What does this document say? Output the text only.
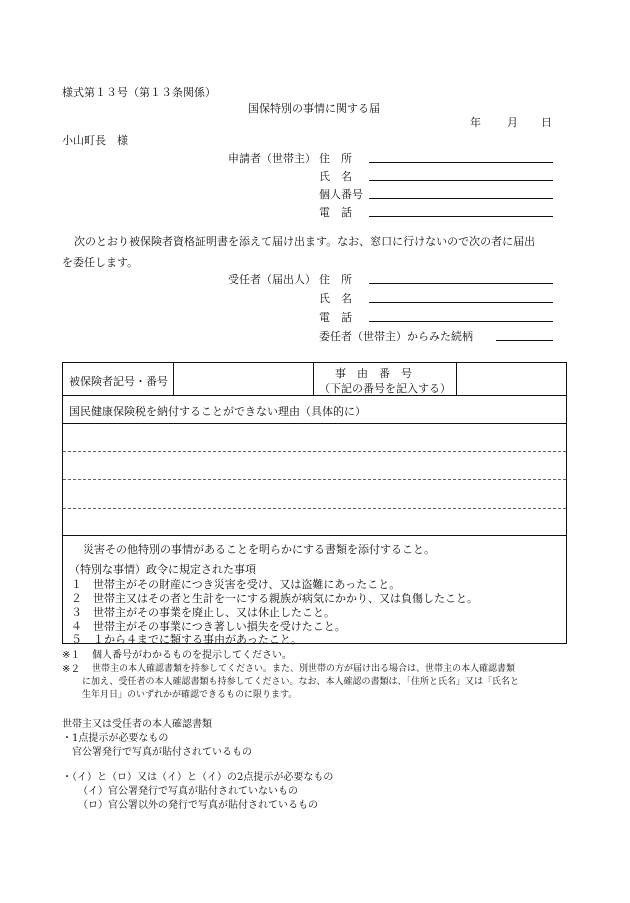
様式第１３号（第１３条関係）
国保特別の事情に関する届
年 月 日
小山町長　様
申請者（世帯主） 住　所
氏　名
個人番号
電　話
次のとおり被保険者資格証明書を添えて届け出ます。なお、窓口に行けないので次の者に届出
を委任します。
受任者（届出人） 住　所
氏　名
電　話
委任者（世帯主）からみた続柄
被保険者記号・番号
事　由　番　号
（下記の番号を記入する）
国民健康保険税を納付することができない理由（具体的に）
災害その他特別の事情があることを明らかにする書類を添付すること。
（特別な事情）政令に規定された事項
１ 世帯主がその財産につき災害を受け、又は盗難にあったこと。
２ 世帯主又はその者と生計を一にする親族が病気にかかり、又は負傷したこと。
３ 世帯主がその事業を廃止し、又は休止したこと。
４ 世帯主がその事業につき著しい損失を受けたこと。
５ １から４までに類する事由があったこと。
※１ 個人番号がわかるものを提示してください。
※２ 世帯主の本人確認書類を持参してください。また、別世帯の方が届け出る場合は、世帯主の本人確認書類
に加え、受任者の本人確認書類も持参してください。なお、本人確認の書類は、「住所と氏名」又は「氏名と
生年月日」のいずれかが確認できるものに限ります。
世帯主又は受任者の本人確認書類
・1点提示が必要なもの
官公署発行で写真が貼付されているもの
・（イ）と（ロ）又は（イ）と（イ）の2点提示が必要なもの
（イ）官公署発行で写真が貼付されていないもの
（ロ）官公署以外の発行で写真が貼付されているもの
